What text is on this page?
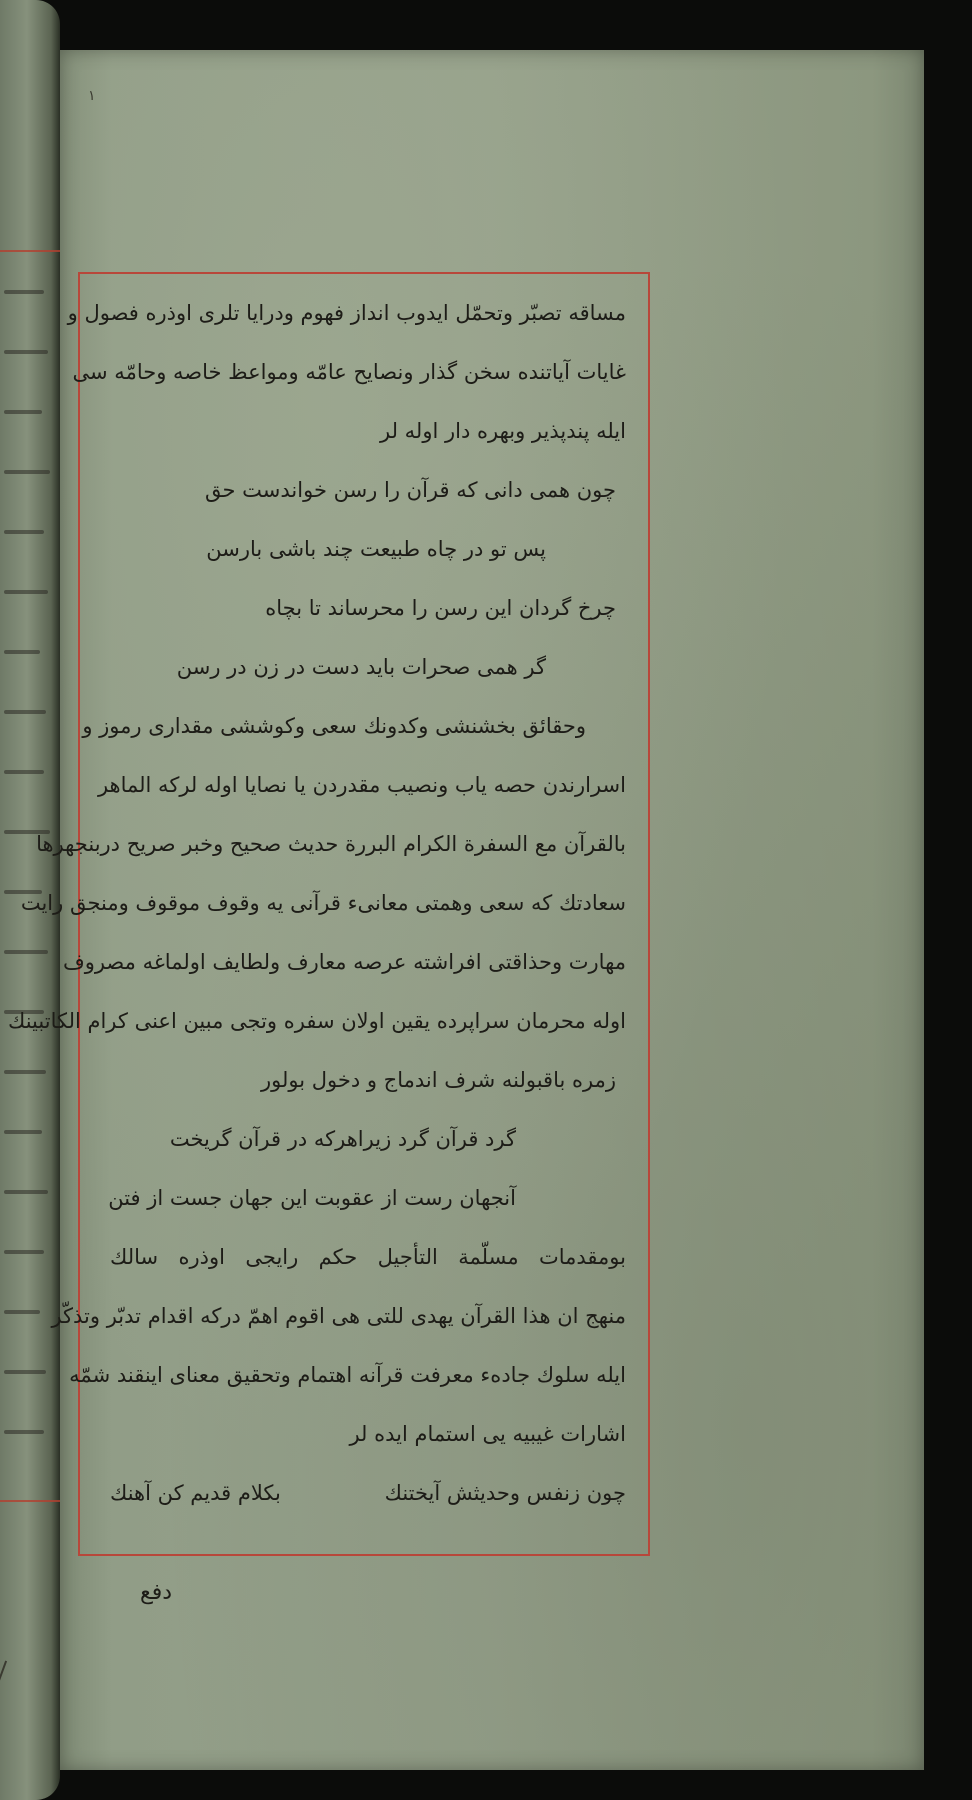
١
مساقه تصبّر وتحمّل ايدوب انداز فهوم ودرايا تلرى اوذره فصول و
غايات آياتنده سخن گذار ونصايح عامّه ومواعظ خاصه وحامّه سى
ايله پندپذير وبهره دار اوله لر
چون همى دانى كه قرآن را رسن خواندست حق
پس تو در چاه طبيعت چند باشى بارسن
چرخ گردان اين رسن را محرساند تا بچاه
گر همى صحرات بايد دست در زن در رسن
وحقائق بخشنشى وكدونك سعى وكوششى مقدارى رموز و
اسرارندن حصه ياب ونصيب مقدردن يا نصايا اوله لركه الماهر
بالقرآن مع السفرة الكرام البررة حديث صحيح وخبر صريح دربنجهرها
سعادتك كه سعى وهمتى معانىء قرآنى يه وقوف موقوف ومنجق رايت
مهارت وحذاقتى افراشته عرصه معارف ولطايف اولماغه مصروف
اوله محرمان سراپرده يقين اولان سفره وتجى مبين اعنى كرام الكاتبينك
زمره باقبولنه شرف اندماج و دخول بولور
گرد قرآن گرد زيراهركه در قرآن گريخت
آنجهان رست از عقوبت اين جهان جست از فتن
بومقدمات مسلّمة التأجيل حكم رايجى اوذره سالك
منهج ان هذا القرآن يهدى للتى هى اقوم اهمّ دركه اقدام تدبّر وتذكّر
ايله سلوك جادهء معرفت قرآنه اهتمام وتحقيق معناى اينقند شمّه
اشارات غيبيه يى استمام ايده لر
چون زنفس وحديثش آيختنك
بكلام قديم كن آهنك
دفع
